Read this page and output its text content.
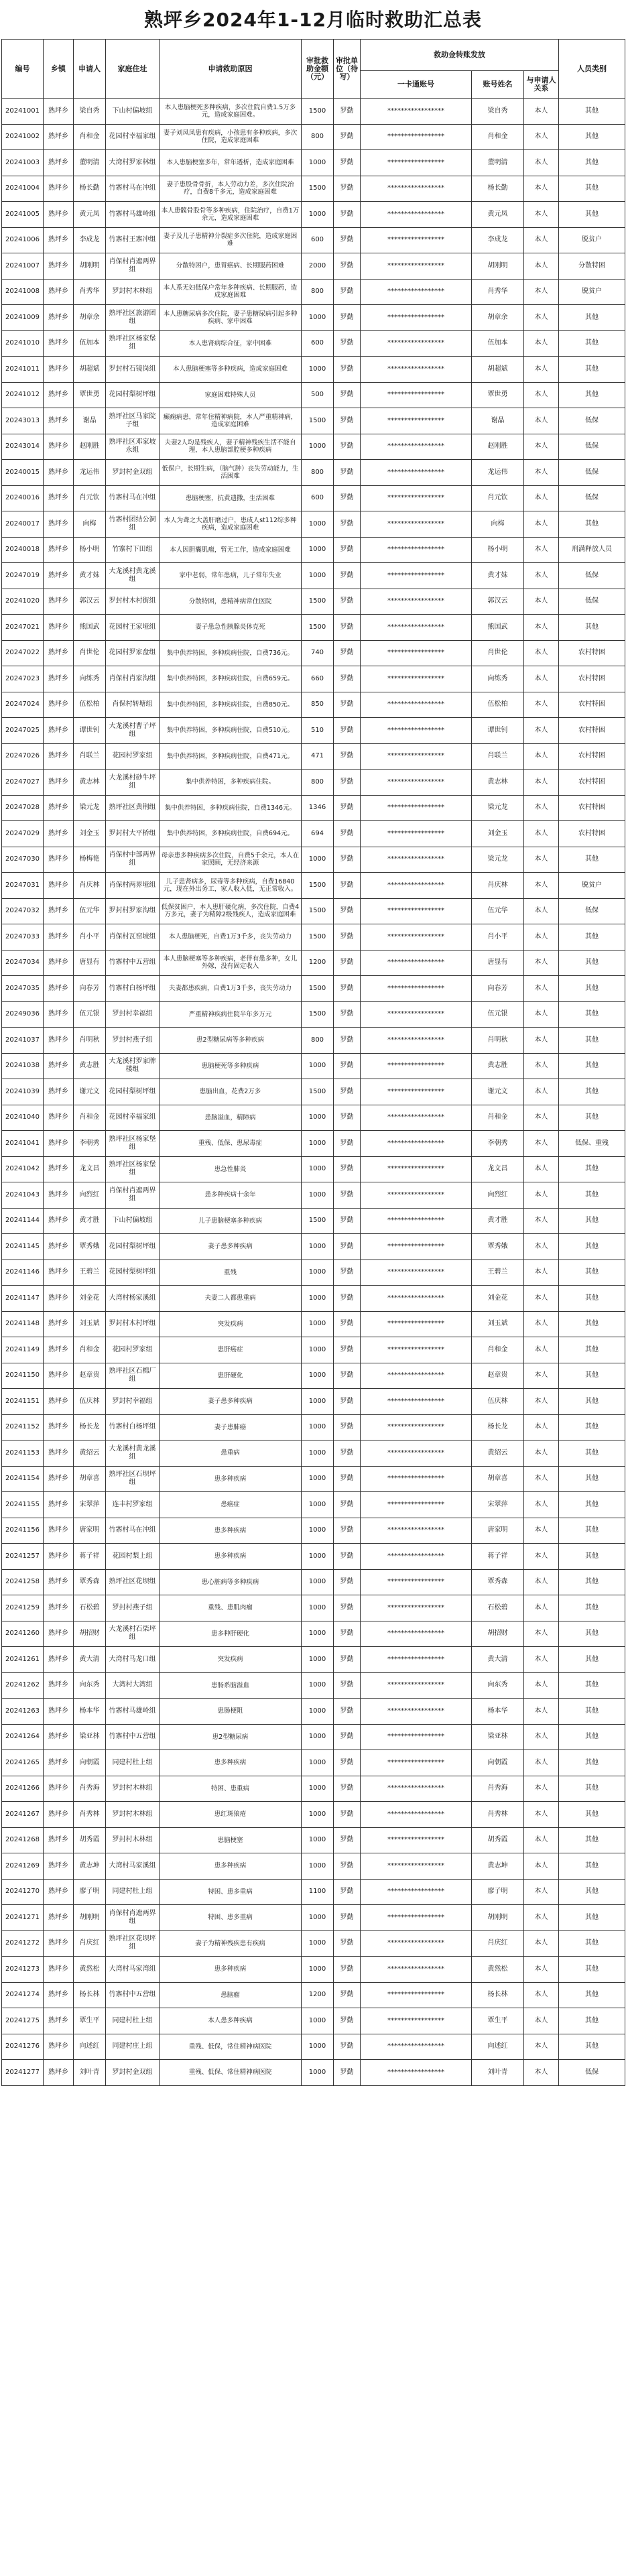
熟坪乡2024年1-12月临时救助汇总表
编号	乡镇	申请人	家庭住址	申请救助原因	审批救助金额（元）	审批单位（待写）	救助金转账发放			人员类别
							一卡通账号	账号姓名	与申请人关系	
20241001	熟坪乡	梁自秀	下山村偏坡组	本人患脑梗死多种疾病，多次住院自费1.5万多元，造成家庭困难。	1500	罗勤	*****************	梁自秀	本人	其他
20241002	熟坪乡	肖和金	花园村幸福家组	妻子刘凤凤患有疾病，小孩患有多种疾病，多次住院，造成家庭困难	800	罗勤	*****************	肖和金	本人	其他
20241003	熟坪乡	董明清	大湾村罗家林组	本人患脑梗塞多年，常年透析，造成家庭困难	1000	罗勤	*****************	董明清	本人	其他
20241004	熟坪乡	杨长勤	竹寨村马在冲组	妻子患股骨骨折，本人劳动力差，多次住院治疗，自费8千多元，造成家庭困难	1500	罗勤	*****************	杨长勤	本人	其他
20241005	熟坪乡	黄元凤	竹寨村马雄岭组	本人患髋骨股骨等多种疾病，住院治疗，自费1万余元，造成家庭困难	1000	罗勤	*****************	黄元凤	本人	其他
20241006	熟坪乡	李成龙	竹寨村王寨冲组	妻子及儿子患精神分裂症多次住院，造成家庭困难	600	罗勤	*****************	李成龙	本人	脱贫户
20241007	熟坪乡	胡刚明	肖保村肖遮两界组	分散特困户，患胃癌病、长期服药困难	2000	罗勤	*****************	胡刚明	本人	分散特困
20241008	熟坪乡	肖秀华	罗封村木林组	本人系无妇低保户常年多种疾病、长期服药，造成家庭困难	800	罗勤	*****************	肖秀华	本人	脱贫户
20241009	熟坪乡	胡章余	熟坪社区旅游团组	本人患糖尿病多次住院，妻子患糖尿病引起多种疾病、家中困难	1000	罗勤	*****************	胡章余	本人	其他
20241010	熟坪乡	伍加本	熟坪社区杨家堡组	本人患肾病综合征，家中困难	600	罗勤	*****************	伍加本	本人	其他
20241011	熟坪乡	胡超斌	罗封村石镜岗组	本人患脑梗塞等多种疾病，造成家庭困难	1000	罗勤	*****************	胡超斌	本人	其他
20241012	熟坪乡	覃世勇	花园村梨树坪组	家庭困难特殊人员	500	罗勤	*****************	覃世勇	本人	其他
20243013	熟坪乡	谢晶	熟坪社区马家院子组	癫痫病患，常年住精神病院，本人严重精神病，造成家庭困难	1500	罗勤	*****************	谢晶	本人	低保
20243014	熟坪乡	赵刚胜	熟坪社区邓家坡永组	夫妻2人均是残疾人，妻子精神残疾生活不能自理，本人患脑部腔梗多种疾病	1000	罗勤	*****************	赵刚胜	本人	低保
20240015	熟坪乡	龙运伟	罗封村金双组	低保户，长期生病，（脑气肿）丧失劳动能力，生活困难	800	罗勤	*****************	龙运伟	本人	低保
20240016	熟坪乡	肖元钦	竹寨村马在冲组	患脑梗塞，抗黄遗撒，生活困难	600	罗勤	*****************	肖元钦	本人	低保
20240017	熟坪乡	向梅	竹寨村团结公洞组	本人为聋之大盖肝磨过户，患成人st112综多种疾病，造成家庭困难	1000	罗勤	*****************	向梅	本人	其他
20240018	熟坪乡	杨小明	竹寨村下田组	本人因胆囊肌瘤，暂无工作，造成家庭困难	1000	罗勤	*****************	杨小明	本人	刑满释放人员
20247019	熟坪乡	黄才妹	大龙溪村黄龙溪组	家中老弱，常年患病，儿子常年失业	1000	罗勤	*****************	黄才妹	本人	低保
20241020	熟坪乡	郭汉云	罗封村木村街组	分散特困，患精神病常住医院	1500	罗勤	*****************	郭汉云	本人	低保
20247021	熟坪乡	熊国武	花园村王家垭组	妻子患急性胰腺炎休克死	1500	罗勤	*****************	熊国武	本人	其他
20247022	熟坪乡	肖世伦	花园村罗家盘组	集中供养特困，多种疾病住院，自费736元。	740	罗勤	*****************	肖世伦	本人	农村特困
20247023	熟坪乡	向练秀	肖保村肖家沟组	集中供养特困，多种疾病住院，自费659元。	660	罗勤	*****************	向练秀	本人	农村特困
20247024	熟坪乡	伍松柏	肖保村转塘组	集中供养特困，多种疾病住院，自费850元。	850	罗勤	*****************	伍松柏	本人	农村特困
20247025	熟坪乡	谭世钊	大龙溪村曹子坪组	集中供养特困，多种疾病住院，自费510元。	510	罗勤	*****************	谭世钊	本人	农村特困
20247026	熟坪乡	肖联兰	花园村罗家组	集中供养特困，多种疾病住院，自费471元。	471	罗勤	*****************	肖联兰	本人	农村特困
20247027	熟坪乡	黄志林	大龙溪村砂牛坪组	集中供养特困，多种疾病住院。	800	罗勤	*****************	黄志林	本人	农村特困
20247028	熟坪乡	梁元龙	熟坪社区黄荆组	集中供养特困，多种疾病住院，自费1346元。	1346	罗勤	*****************	梁元龙	本人	农村特困
20247029	熟坪乡	刘金玉	罗封村大平桥组	集中供养特困，多种疾病住院，自费694元。	694	罗勤	*****************	刘金玉	本人	农村特困
20247030	熟坪乡	杨梅艳	肖保村中部两界组	母亲患多种疾病多次住院，自费5千余元，本人在家照顾，无经济来源	1000	罗勤	*****************	梁元龙	本人	其他
20247031	熟坪乡	肖庆林	肖保村两界垭组	儿子患肾病多，尿毒等多种疾病，自费16840元，现在外出务工，家人收入低，无正常收入。	1500	罗勤	*****************	肖庆林	本人	脱贫户
20247032	熟坪乡	伍元华	罗封村罗家沟组	低保贫困户，本人患肝硬化病，多次住院，自费4万多元，妻子为精障2级残疾人，造成家庭困难	1500	罗勤	*****************	伍元华	本人	低保
20247033	熟坪乡	肖小平	肖保村瓦窑坡组	本人患脑梗死，自费1万3千多，丧失劳动力	1500	罗勤	*****************	肖小平	本人	其他
20247034	熟坪乡	唐显有	竹寨村中五营组	本人患脑梗塞等多种疾病，老伴有患多种，女儿外嫁，没有固定收入	1200	罗勤	*****************	唐显有	本人	其他
20247035	熟坪乡	向春芳	竹寨村白杨坪组	夫妻都患疾病，自费1万3千多，丧失劳动力	1500	罗勤	*****************	向春芳	本人	其他
20249036	熟坪乡	伍元银	罗封村幸福组	严重精神疾病住院半年多万元	1500	罗勤	*****************	伍元银	本人	其他
20241037	熟坪乡	肖明秋	罗封村燕子组	患2型糖尿病等多种疾病	800	罗勤	*****************	肖明秋	本人	其他
20241038	熟坪乡	黄志胜	大龙溪村罗家牌楼组	患脑梗死等多种疾病	1000	罗勤	*****************	黄志胜	本人	其他
20241039	熟坪乡	谢元文	花园村梨树坪组	患脑出血，花费2万多	1500	罗勤	*****************	谢元文	本人	其他
20241040	熟坪乡	肖和金	花园村幸福家组	患脑溢血，精障病	1000	罗勤	*****************	肖和金	本人	其他
20241041	熟坪乡	李朝秀	熟坪社区杨家堡组	重残、低保、患尿毒症	1000	罗勤	*****************	李朝秀	本人	低保、重残
20241042	熟坪乡	龙文昌	熟坪社区杨家堡组	患急性肺炎	1000	罗勤	*****************	龙文昌	本人	其他
20241043	熟坪乡	向烈红	肖保村肖遮两界组	患多种疾病十余年	1000	罗勤	*****************	向烈红	本人	其他
20241144	熟坪乡	黄才胜	下山村偏坡组	儿子患脑梗塞多种疾病	1500	罗勤	*****************	黄才胜	本人	其他
20241145	熟坪乡	覃秀娥	花园村梨树坪组	妻子患多种疾病	1000	罗勤	*****************	覃秀娥	本人	其他
20241146	熟坪乡	王碧兰	花园村梨树坪组	重残	1000	罗勤	*****************	王碧兰	本人	其他
20241147	熟坪乡	刘金花	大湾村杨家溪组	夫妻二人都患重病	1000	罗勤	*****************	刘金花	本人	其他
20241148	熟坪乡	刘玉斌	罗封村木村坪组	突发疾病	1000	罗勤	*****************	刘玉斌	本人	其他
20241149	熟坪乡	肖和金	花园村罗家组	患肝癌症	1000	罗勤	*****************	肖和金	本人	其他
20241150	熟坪乡	赵章贵	熟坪社区石棉厂组	患肝硬化	1000	罗勤	*****************	赵章贵	本人	其他
20241151	熟坪乡	伍庆林	罗封村幸福组	妻子患多种疾病	1000	罗勤	*****************	伍庆林	本人	其他
20241152	熟坪乡	杨长龙	竹寨村白杨坪组	妻子患肺癌	1000	罗勤	*****************	杨长龙	本人	其他
20241153	熟坪乡	黄绍云	大龙溪村黄龙溪组	患重病	1000	罗勤	*****************	黄绍云	本人	其他
20241154	熟坪乡	胡章喜	熟坪社区石坝坪组	患多种疾病	1000	罗勤	*****************	胡章喜	本人	其他
20241155	熟坪乡	宋翠萍	连丰村罗家组	患癌症	1000	罗勤	*****************	宋翠萍	本人	其他
20241156	熟坪乡	唐家明	竹寨村马在冲组	患多种疾病	1000	罗勤	*****************	唐家明	本人	其他
20241257	熟坪乡	蒋子祥	花园村梨上组	患多种疾病	1000	罗勤	*****************	蒋子祥	本人	其他
20241258	熟坪乡	覃秀森	熟坪社区花坝组	患心脏病等多种疾病	1000	罗勤	*****************	覃秀森	本人	其他
20241259	熟坪乡	石松碧	罗封村燕子组	重残、患肌肉瘤	1000	罗勤	*****************	石松碧	本人	其他
20241260	熟坪乡	胡招财	大龙溪村石柒坪组	患多种肝硬化	1000	罗勤	*****************	胡招财	本人	其他
20241261	熟坪乡	黄大清	大湾村马龙口组	突发疾病	1000	罗勤	*****************	黄大清	本人	其他
20241262	熟坪乡	向东秀	大湾村大湾组	患肠系脑溢血	1000	罗勤	*****************	向东秀	本人	其他
20241263	熟坪乡	杨本华	竹寨村马雄岭组	患肠梗阻	1000	罗勤	*****************	杨本华	本人	其他
20241264	熟坪乡	梁亚林	竹寨村中五营组	患2型糖尿病	1000	罗勤	*****************	梁亚林	本人	其他
20241265	熟坪乡	向朝霞	同建村杜上组	患多种疾病	1000	罗勤	*****************	向朝霞	本人	其他
20241266	熟坪乡	肖秀海	罗封村木林组	特困、患重病	1000	罗勤	*****************	肖秀海	本人	其他
20241267	熟坪乡	肖秀林	罗封村木林组	患红斑狼疮	1000	罗勤	*****************	肖秀林	本人	其他
20241268	熟坪乡	胡秀霞	罗封村木林组	患脑梗塞	1000	罗勤	*****************	胡秀霞	本人	其他
20241269	熟坪乡	黄志坤	大湾村马家溪组	患多种疾病	1000	罗勤	*****************	黄志坤	本人	其他
20241270	熟坪乡	廖子明	同建村杜上组	特困、患多重病	1100	罗勤	*****************	廖子明	本人	其他
20241271	熟坪乡	胡刚明	肖保村肖遮两界组	特困、患多重病	1000	罗勤	*****************	胡刚明	本人	其他
20241272	熟坪乡	肖庆红	熟坪社区花坝坪组	妻子为精神残疾患有疾病	1000	罗勤	*****************	肖庆红	本人	其他
20241273	熟坪乡	黄然松	大湾村马家湾组	患多种疾病	1000	罗勤	*****************	黄然松	本人	其他
20241274	熟坪乡	杨长林	竹寨村中五营组	患脑瘤	1200	罗勤	*****************	杨长林	本人	其他
20241275	熟坪乡	覃生平	同建村杜上组	本人患多种疾病	1000	罗勤	*****************	覃生平	本人	其他
20241276	熟坪乡	向述红	同建村庄上组	重残、低保，常住精神病医院	1000	罗勤	*****************	向述红	本人	其他
20241277	熟坪乡	刘叶青	罗封村金双组	重残、低保、常住精神病医院	1000	罗勤	*****************	刘叶青	本人	低保
